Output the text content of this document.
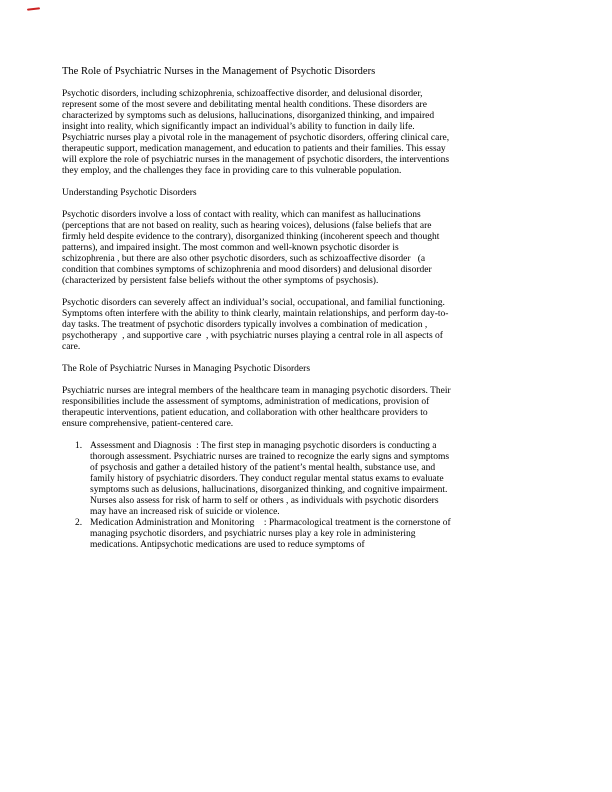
The Role of Psychiatric Nurses in the Management of Psychotic Disorders

Psychotic disorders, including schizophrenia, schizoaffective disorder, and delusional disorder, represent some of the most severe and debilitating mental health conditions. These disorders are characterized by symptoms such as delusions, hallucinations, disorganized thinking, and impaired insight into reality, which significantly impact an individual’s ability to function in daily life. Psychiatric nurses play a pivotal role in the management of psychotic disorders, offering clinical care, therapeutic support, medication management, and education to patients and their families. This essay will explore the role of psychiatric nurses in the management of psychotic disorders, the interventions they employ, and the challenges they face in providing care to this vulnerable population.

Understanding Psychotic Disorders

Psychotic disorders involve a loss of contact with reality, which can manifest as hallucinations (perceptions that are not based on reality, such as hearing voices), delusions (false beliefs that are firmly held despite evidence to the contrary), disorganized thinking (incoherent speech and thought patterns), and impaired insight. The most common and well-known psychotic disorder is schizophrenia , but there are also other psychotic disorders, such as schizoaffective disorder   (a condition that combines symptoms of schizophrenia and mood disorders) and delusional disorder  (characterized by persistent false beliefs without the other symptoms of psychosis).

Psychotic disorders can severely affect an individual’s social, occupational, and familial functioning. Symptoms often interfere with the ability to think clearly, maintain relationships, and perform day-to-day tasks. The treatment of psychotic disorders typically involves a combination of medication , psychotherapy  , and supportive care  , with psychiatric nurses playing a central role in all aspects of care.

The Role of Psychiatric Nurses in Managing Psychotic Disorders

Psychiatric nurses are integral members of the healthcare team in managing psychotic disorders. Their responsibilities include the assessment of symptoms, administration of medications, provision of therapeutic interventions, patient education, and collaboration with other healthcare providers to ensure comprehensive, patient-centered care.

1. Assessment and Diagnosis  : The first step in managing psychotic disorders is conducting a thorough assessment. Psychiatric nurses are trained to recognize the early signs and symptoms of psychosis and gather a detailed history of the patient’s mental health, substance use, and family history of psychiatric disorders. They conduct regular mental status exams to evaluate symptoms such as delusions, hallucinations, disorganized thinking, and cognitive impairment. Nurses also assess for risk of harm to self or others , as individuals with psychotic disorders may have an increased risk of suicide or violence.
2. Medication Administration and Monitoring    : Pharmacological treatment is the cornerstone of managing psychotic disorders, and psychiatric nurses play a key role in administering medications. Antipsychotic medications are used to reduce symptoms of
